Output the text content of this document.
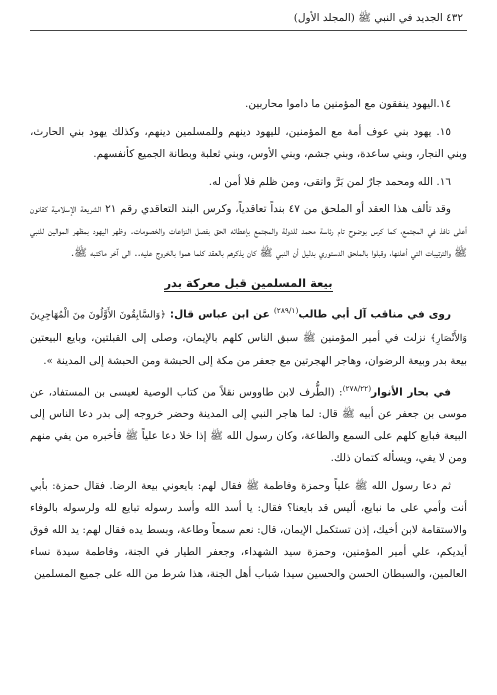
٤٣٢ الجديد في النبي ﷺ (المجلد الأول)

١٤.اليهود ينفقون مع المؤمنين ما داموا محاربين.

١٥. يهود بني عوف أمة مع المؤمنين، لليهود دينهم وللمسلمين دينهم، وكذلك يهود بني الحارث، وبني النجار، وبني ساعدة، وبني جشم، وبني الأوس، وبني ثعلبة وبطانة الجميع كأنفسهم.

١٦. الله ومحمد جارٌ لمن بَرَّ واتقى، ومن ظلم فلا أمن له.

وقد تألف هذا العقد أو الملحق من ٤٧ بنداً تعاقدياً، وكرس البند التعاقدي رقم ٢١ الشريعة الإسلامية كقانون أعلى نافذ في المجتمع، كما كرس بوضوح تام رئاسة محمد للدولة والمجتمع بإعطائه الحق بفصل النزاعات والخصومات. وظهر اليهود بمظهر الموالين للنبي ﷺ والترتيبات التي أعلنها، وقبلوا بالملحق الدستوري بدليل أن النبي ﷺ كان يذكرهم بالعقد كلما هموا بالخروج عليه.. الى آخر ماكتبه ﷺ.

بيعة المسلمين قبل معركة بدر

روى في مناقب آل أبي طالب$^{(٢٨٩/١)}$ عن ابن عباس قال: ﴿وَالسَّابِقُونَ الأَوَّلُونَ مِنَ الْمُهَاجِرِينَ وَالأَنْصَارِ﴾ نزلت في أمير المؤمنين ﷺ سبق الناس كلهم بالإيمان، وصلى إلى القبلتين، وبايع البيعتين بيعة بدر وبيعة الرضوان، وهاجر الهجرتين مع جعفر من مكة إلى الحبشة ومن الحبشة إلى المدينة ».

في بحار الأنوار$^{(٢٧٨/٢٢)}$: (الطُّرف لابن طاووس نقلاً من كتاب الوصية لعيسى بن المستفاد، عن موسى بن جعفر عن أبيه ﷺ قال: لما هاجر النبي إلى المدينة وحضر خروجه إلى بدر دعا الناس إلى البيعة فبايع كلهم على السمع والطاعة، وكان رسول الله ﷺ إذا خلا دعا علياً ﷺ فأخبره من يفي منهم ومن لا يفي، ويسأله كتمان ذلك.

ثم دعا رسول الله ﷺ علياً وحمزة وفاطمة ﷺ فقال لهم: بايعوني بيعة الرضا. فقال حمزة: بأبي أنت وأمي على ما نبايع، أليس قد بايعنا؟ فقال: يا أسد الله وأسد رسوله تبايع لله ولرسوله بالوفاء والاستقامة لابن أخيك، إذن تستكمل الإيمان، قال: نعم سمعاً وطاعة، وبسط يده فقال لهم: يد الله فوق أيديكم، علي أمير المؤمنين، وحمزة سيد الشهداء، وجعفر الطيار في الجنة، وفاطمة سيدة نساء العالمين، والسبطان الحسن والحسين سيدا شباب أهل الجنة، هذا شرط من الله على جميع المسلمين
